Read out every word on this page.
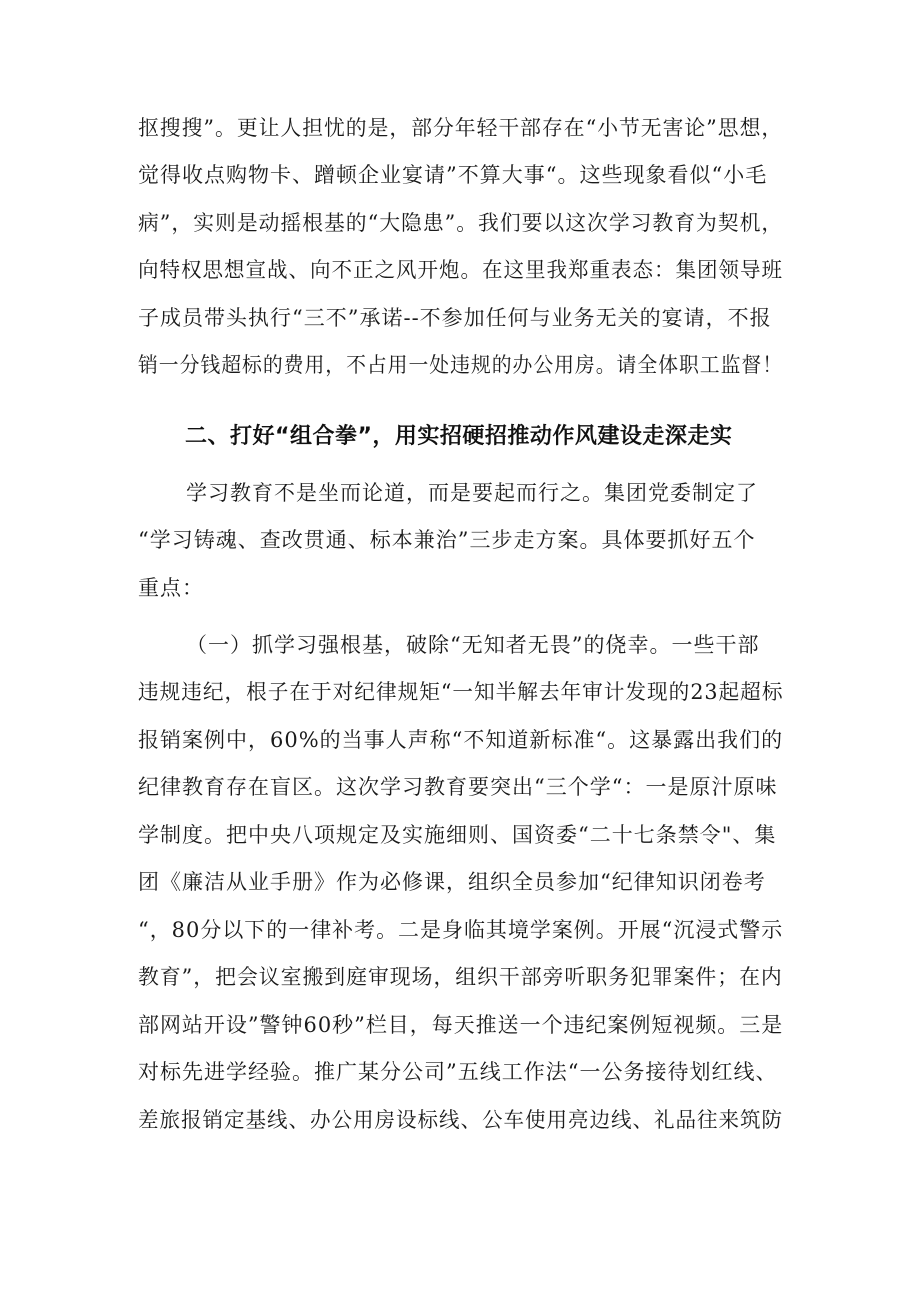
抠搜搜”。更让人担忧的是，部分年轻干部存在“小节无害论”思想，
觉得收点购物卡、蹭顿企业宴请”不算大事“。这些现象看似“小毛
病”，实则是动摇根基的“大隐患”。我们要以这次学习教育为契机，
向特权思想宣战、向不正之风开炮。在这里我郑重表态：集团领导班
子成员带头执行“三不”承诺--不参加任何与业务无关的宴请，不报
销一分钱超标的费用，不占用一处违规的办公用房。请全体职工监督！
二、打好“组合拳”，用实招硬招推动作风建设走深走实
学习教育不是坐而论道，而是要起而行之。集团党委制定了
“学习铸魂、查改贯通、标本兼治”三步走方案。具体要抓好五个
重点：
（一）抓学习强根基，破除“无知者无畏”的侥幸。一些干部
违规违纪，根子在于对纪律规矩“一知半解去年审计发现的23起超标
报销案例中，60%的当事人声称“不知道新标准“。这暴露出我们的
纪律教育存在盲区。这次学习教育要突出“三个学“：一是原汁原味
学制度。把中央八项规定及实施细则、国资委“二十七条禁令"、集
团《廉洁从业手册》作为必修课，组织全员参加“纪律知识闭卷考
“，80分以下的一律补考。二是身临其境学案例。开展“沉浸式警示
教育”，把会议室搬到庭审现场，组织干部旁听职务犯罪案件；在内
部网站开设”警钟60秒”栏目，每天推送一个违纪案例短视频。三是
对标先进学经验。推广某分公司”五线工作法“一公务接待划红线、
差旅报销定基线、办公用房设标线、公车使用亮边线、礼品往来筑防
